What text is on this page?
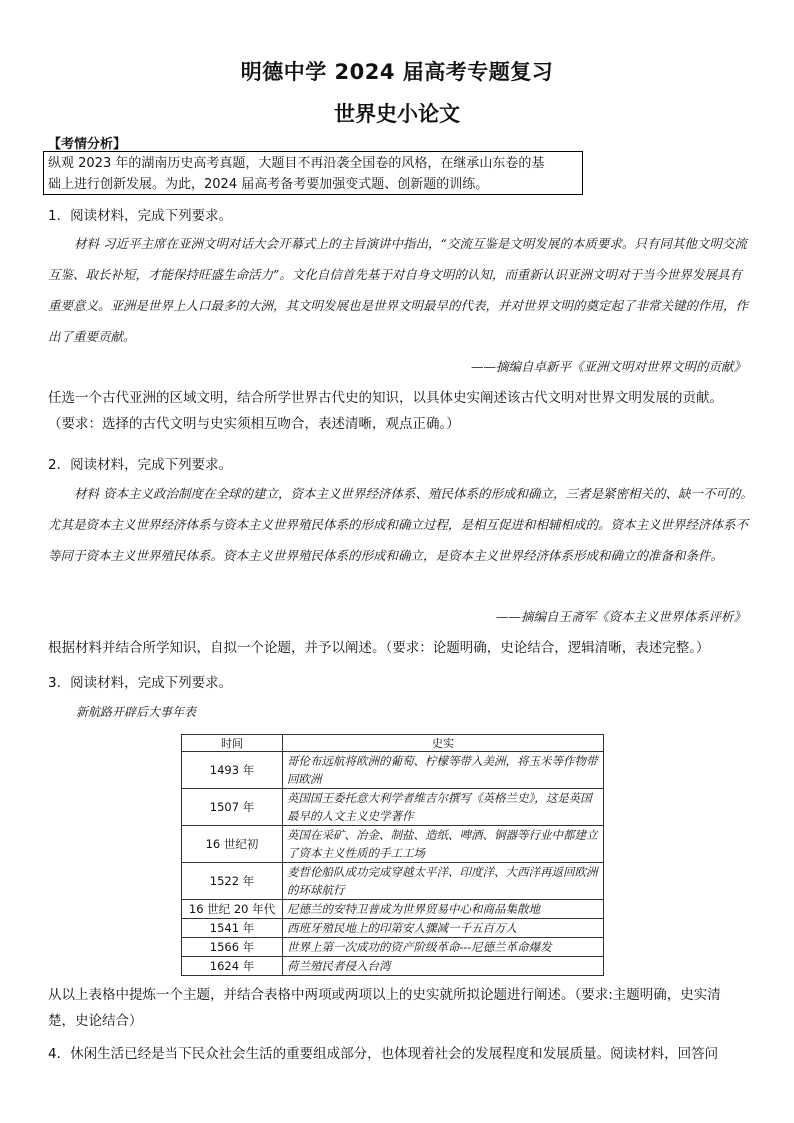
明德中学 2024 届高考专题复习
世界史小论文
【考情分析】
纵观 2023 年的湖南历史高考真题，大题目不再沿袭全国卷的风格，在继承山东卷的基
础上进行创新发展。为此，2024 届高考备考要加强变式题、创新题的训练。
1．阅读材料，完成下列要求。
材料 习近平主席在亚洲文明对话大会开幕式上的主旨演讲中指出，“交流互鉴是文明发展的本质要求。只有同其他文明交流互鉴、取长补短，才能保持旺盛生命活力”。文化自信首先基于对自身文明的认知，而重新认识亚洲文明对于当今世界发展具有重要意义。亚洲是世界上人口最多的大洲，其文明发展也是世界文明最早的代表，并对世界文明的奠定起了非常关键的作用，作出了重要贡献。
——摘编自卓新平《亚洲文明对世界文明的贡献》
任选一个古代亚洲的区域文明，结合所学世界古代史的知识，以具体史实阐述该古代文明对世界文明发展的贡献。
（要求：选择的古代文明与史实须相互吻合，表述清晰，观点正确。）
2．阅读材料，完成下列要求。
材料 资本主义政治制度在全球的建立，资本主义世界经济体系、殖民体系的形成和确立，三者是紧密相关的、缺一不可的。尤其是资本主义世界经济体系与资本主义世界殖民体系的形成和确立过程，是相互促进和相辅相成的。资本主义世界经济体系不等同于资本主义世界殖民体系。资本主义世界殖民体系的形成和确立，是资本主义世界经济体系形成和确立的准备和条件。
——摘编自王斋军《资本主义世界体系评析》
根据材料并结合所学知识，自拟一个论题，并予以阐述。（要求：论题明确，史论结合，逻辑清晰，表述完整。）
3．阅读材料，完成下列要求。
新航路开辟后大事年表
时间	史实
1493 年	哥伦布远航将欧洲的葡萄、柠檬等带入美洲，将玉米等作物带回欧洲
1507 年	英国国王委托意大利学者维吉尔撰写《英格兰史》，这是英国最早的人文主义史学著作
16 世纪初	英国在采矿、冶金、制盐、造纸、啤酒、铜器等行业中都建立了资本主义性质的手工工场
1522 年	麦哲伦船队成功完成穿越太平洋、印度洋、大西洋再返回欧洲的环球航行
16 世纪 20 年代	尼德兰的安特卫普成为世界贸易中心和商品集散地
1541 年	西班牙殖民地上的印第安人骤减一千五百万人
1566 年	世界上第一次成功的资产阶级革命---尼德兰革命爆发
1624 年	荷兰殖民者侵入台湾
从以上表格中提炼一个主题，并结合表格中两项或两项以上的史实就所拟论题进行阐述。（要求:主题明确，史实清
楚，史论结合）
4．休闲生活已经是当下民众社会生活的重要组成部分，也体现着社会的发展程度和发展质量。阅读材料，回答问
